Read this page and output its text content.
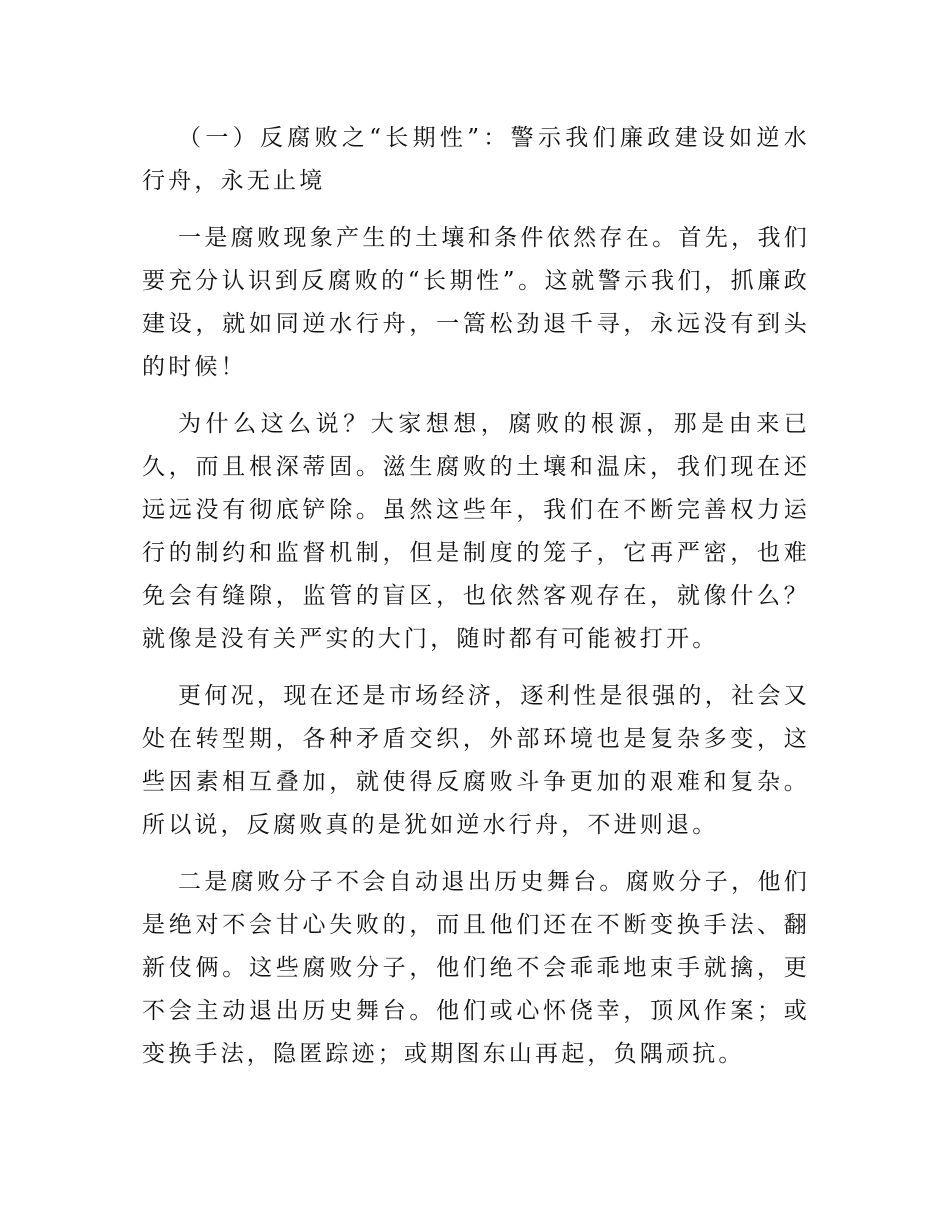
（一）反腐败之“长期性”：警示我们廉政建设如逆水行舟，永无止境

一是腐败现象产生的土壤和条件依然存在。首先，我们要充分认识到反腐败的“长期性”。这就警示我们，抓廉政建设，就如同逆水行舟，一篙松劲退千寻，永远没有到头的时候！

为什么这么说？大家想想，腐败的根源，那是由来已久，而且根深蒂固。滋生腐败的土壤和温床，我们现在还远远没有彻底铲除。虽然这些年，我们在不断完善权力运行的制约和监督机制，但是制度的笼子，它再严密，也难免会有缝隙，监管的盲区，也依然客观存在，就像什么？就像是没有关严实的大门，随时都有可能被打开。

更何况，现在还是市场经济，逐利性是很强的，社会又处在转型期，各种矛盾交织，外部环境也是复杂多变，这些因素相互叠加，就使得反腐败斗争更加的艰难和复杂。所以说，反腐败真的是犹如逆水行舟，不进则退。

二是腐败分子不会自动退出历史舞台。腐败分子，他们是绝对不会甘心失败的，而且他们还在不断变换手法、翻新伎俩。这些腐败分子，他们绝不会乖乖地束手就擒，更不会主动退出历史舞台。他们或心怀侥幸，顶风作案；或变换手法，隐匿踪迹；或期图东山再起，负隅顽抗。
